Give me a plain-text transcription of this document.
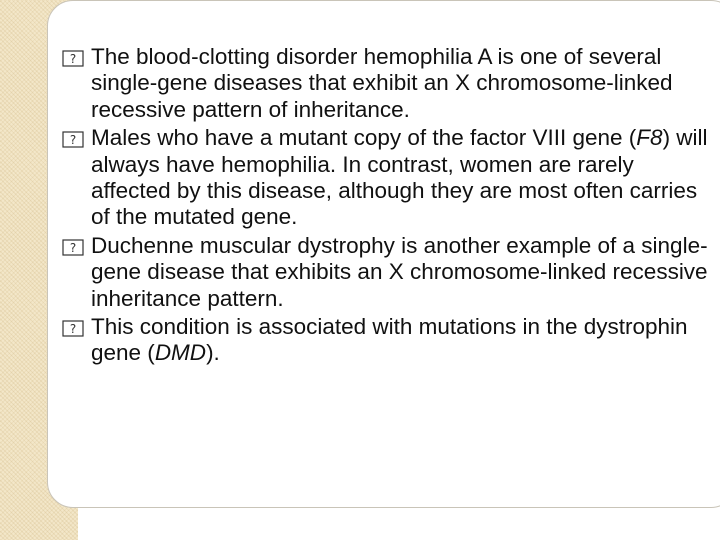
? The blood-clotting disorder hemophilia A is one of several single-gene diseases that exhibit an X chromosome-linked recessive pattern of inheritance.

? Males who have a mutant copy of the factor VIII gene (F8) will always have hemophilia. In contrast, women are rarely affected by this disease, although they are most often carries of the mutated gene.

? Duchenne muscular dystrophy is another example of a single-gene disease that exhibits an X chromosome-linked recessive inheritance pattern.

? This condition is associated with mutations in the dystrophin gene (DMD).
